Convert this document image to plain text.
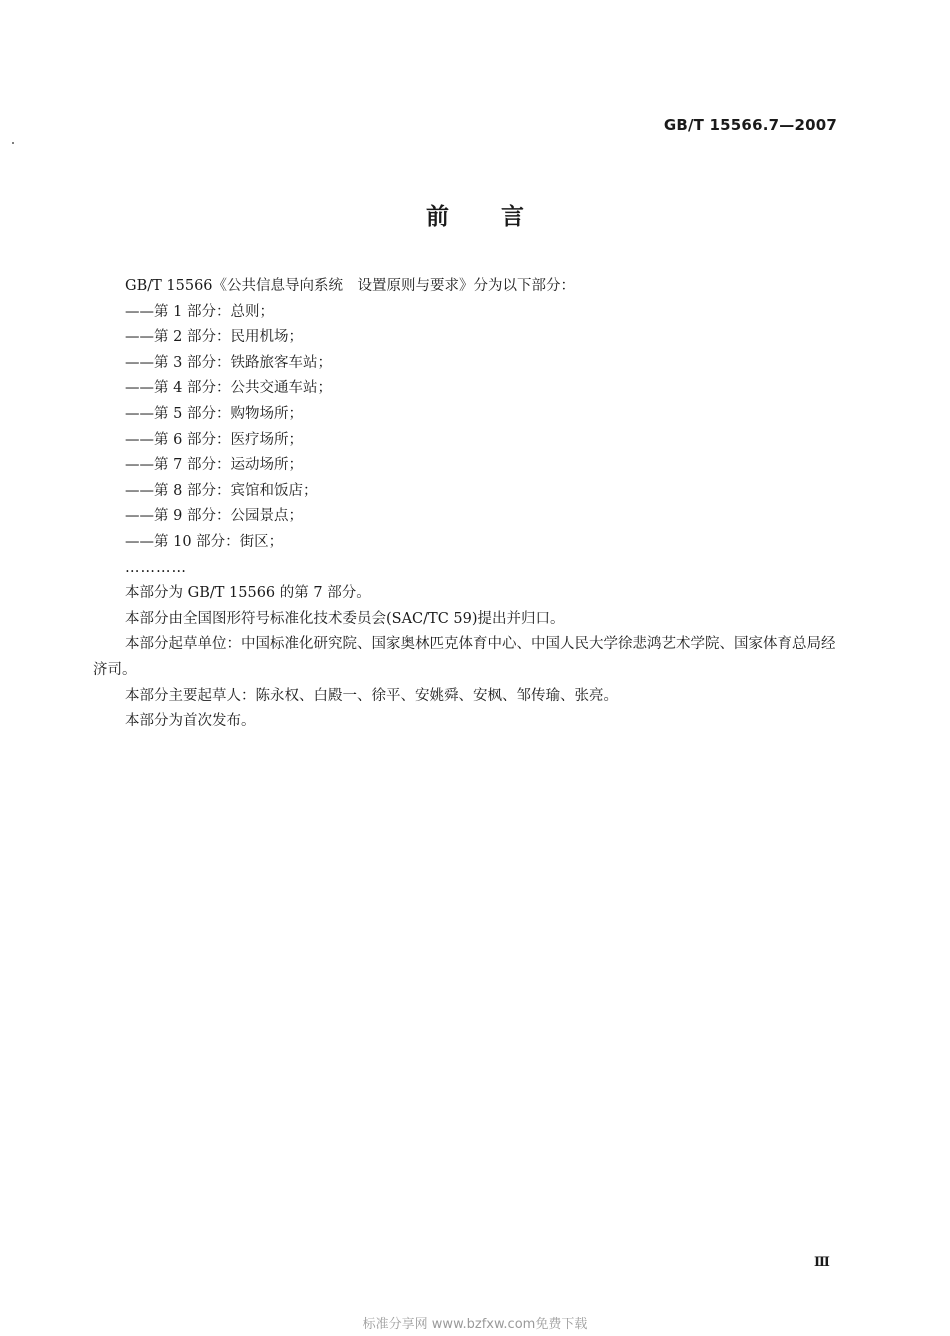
GB/T 15566.7—2007
前言

GB/T 15566《公共信息导向系统　设置原则与要求》分为以下部分：

——第 1 部分：总则；

——第 2 部分：民用机场；

——第 3 部分：铁路旅客车站；

——第 4 部分：公共交通车站；

——第 5 部分：购物场所；

——第 6 部分：医疗场所；

——第 7 部分：运动场所；

——第 8 部分：宾馆和饭店；

——第 9 部分：公园景点；

——第 10 部分：街区；

…………

本部分为 GB/T 15566 的第 7 部分。

本部分由全国图形符号标准化技术委员会(SAC/TC 59)提出并归口。

本部分起草单位：中国标准化研究院、国家奥林匹克体育中心、中国人民大学徐悲鸿艺术学院、国家体育总局经济司。

本部分主要起草人：陈永权、白殿一、徐平、安姚舜、安枫、邹传瑜、张亮。

本部分为首次发布。

Ⅲ
标准分享网 www.bzfxw.com免费下载
